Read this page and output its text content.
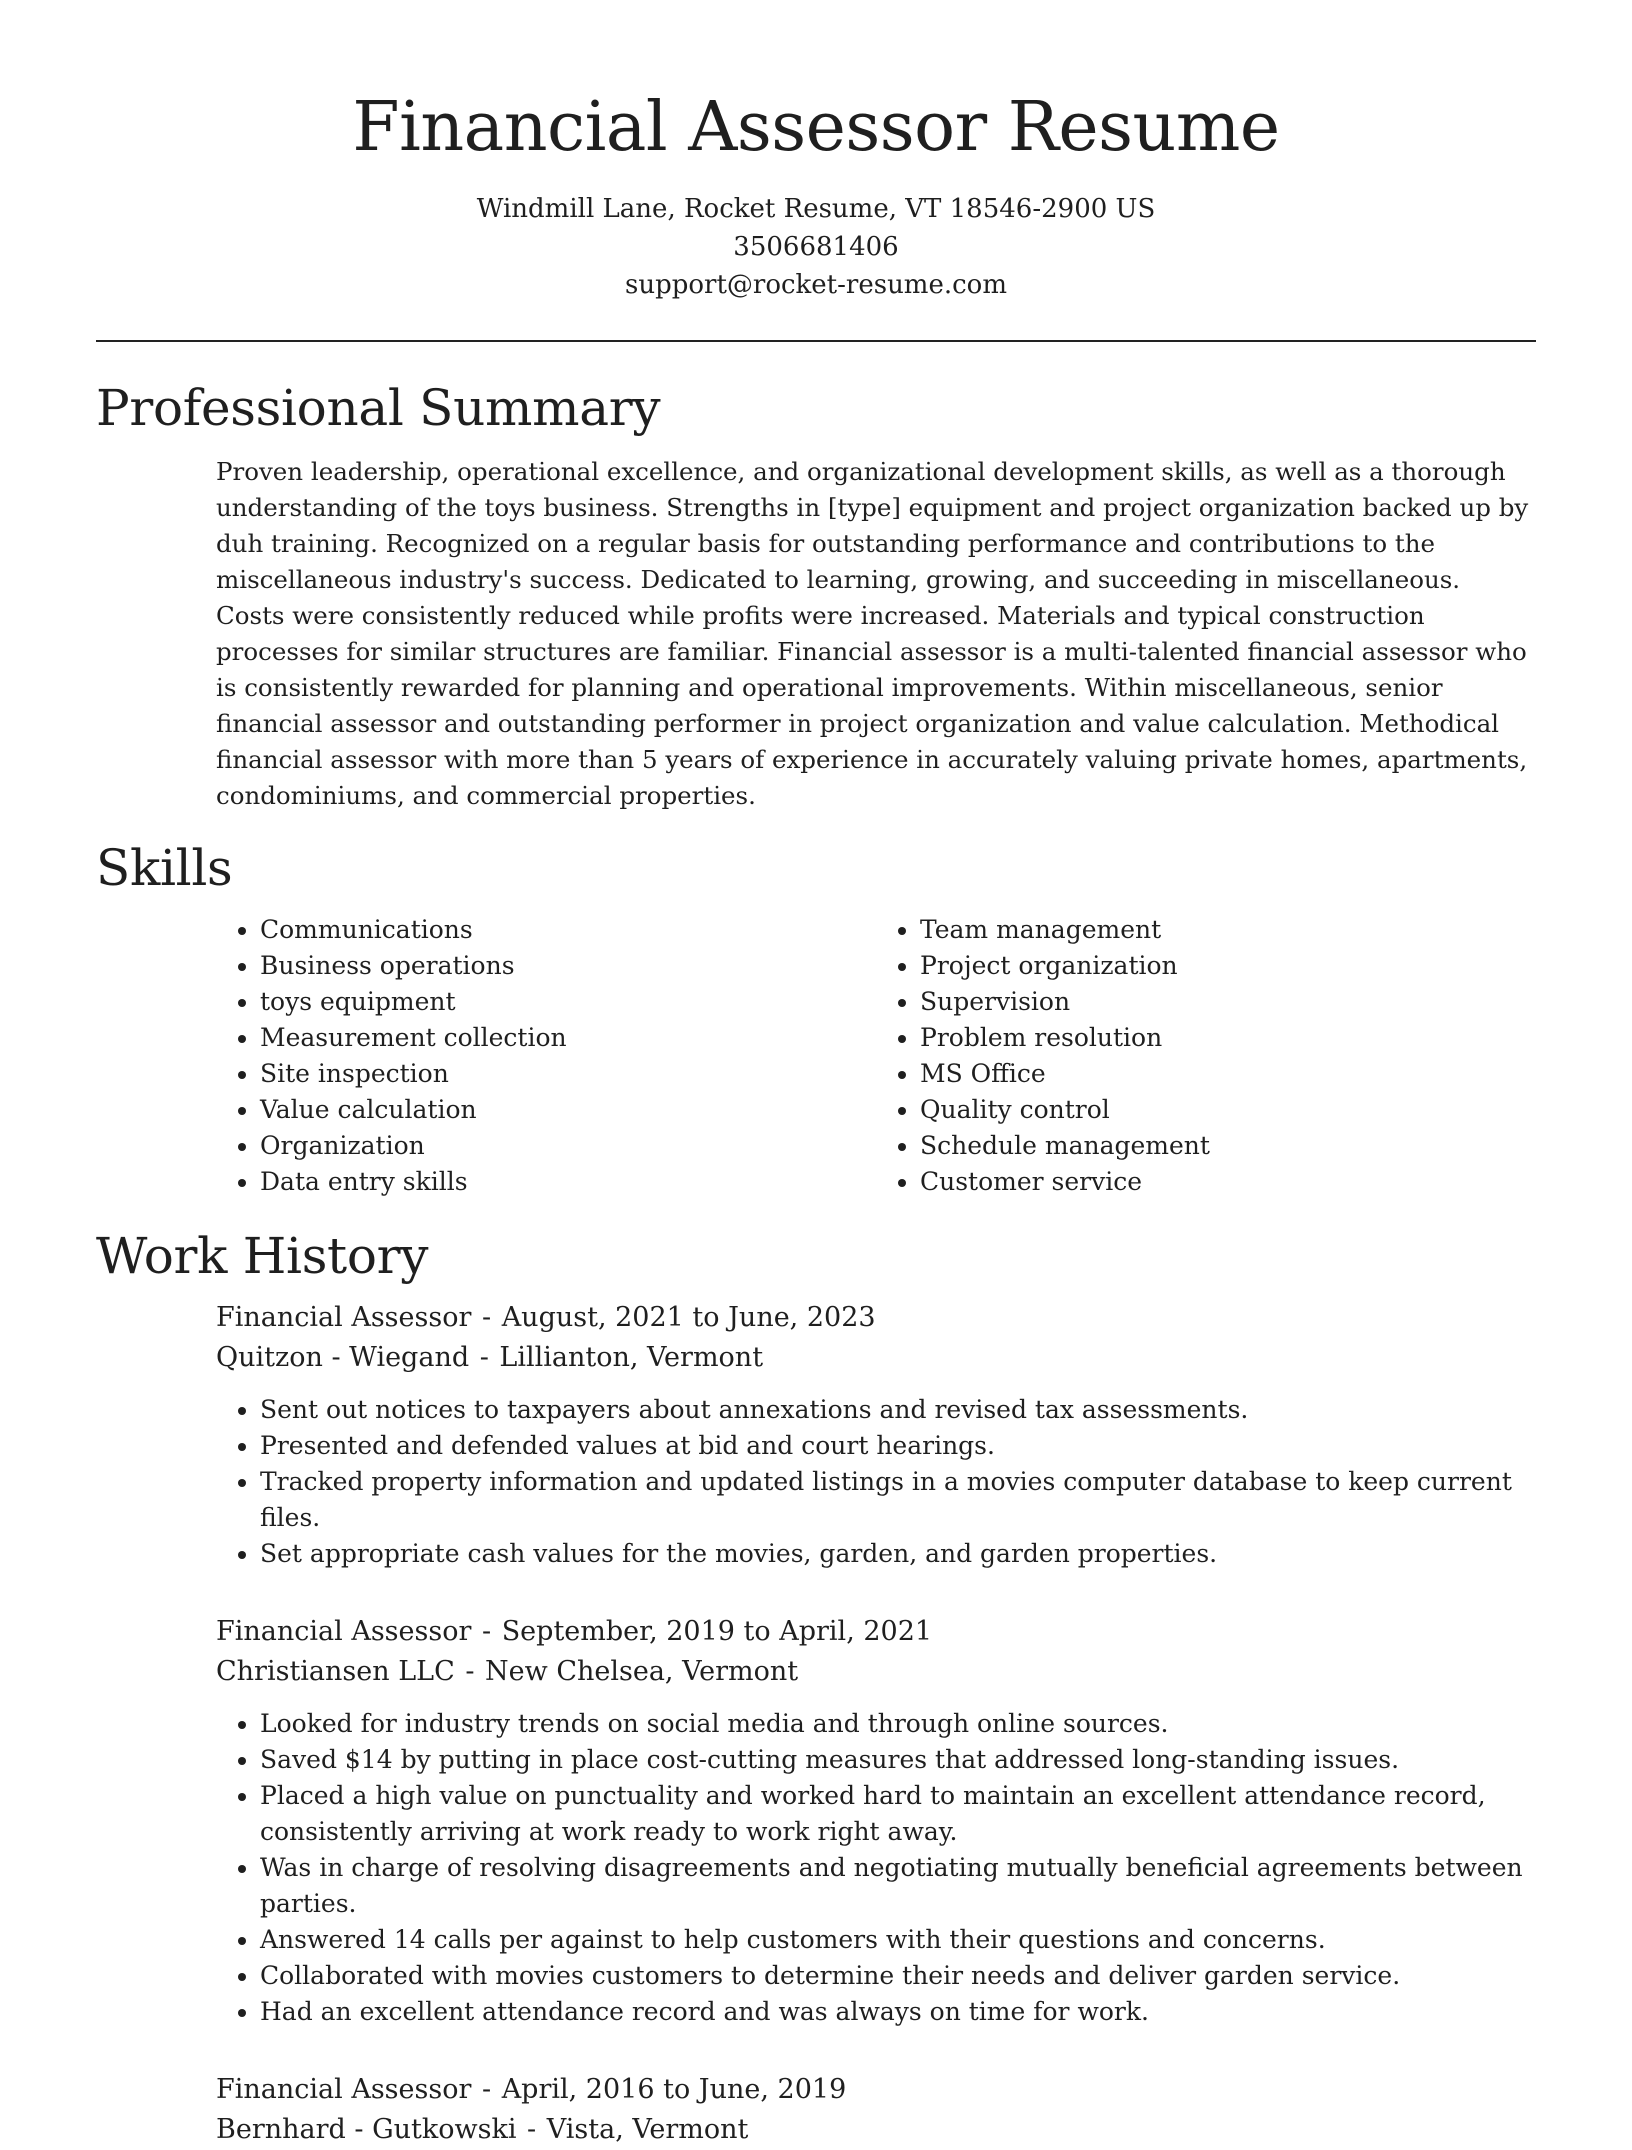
Financial Assessor Resume
Windmill Lane, Rocket Resume, VT 18546-2900 US
3506681406
support@rocket-resume.com
Professional Summary

Proven leadership, operational excellence, and organizational development skills, as well as a thorough understanding of the toys business. Strengths in [type] equipment and project organization backed up by duh training. Recognized on a regular basis for outstanding performance and contributions to the miscellaneous industry's success. Dedicated to learning, growing, and succeeding in miscellaneous. Costs were consistently reduced while profits were increased. Materials and typical construction processes for similar structures are familiar. Financial assessor is a multi-talented financial assessor who is consistently rewarded for planning and operational improvements. Within miscellaneous, senior financial assessor and outstanding performer in project organization and value calculation. Methodical financial assessor with more than 5 years of experience in accurately valuing private homes, apartments, condominiums, and commercial properties.

Skills
• Communications
• Business operations
• toys equipment
• Measurement collection
• Site inspection
• Value calculation
• Organization
• Data entry skills
• Team management
• Project organization
• Supervision
• Problem resolution
• MS Office
• Quality control
• Schedule management
• Customer service
Work History
Financial Assessor - August, 2021 to June, 2023
Quitzon - Wiegand - Lillianton, Vermont
• Sent out notices to taxpayers about annexations and revised tax assessments.
• Presented and defended values at bid and court hearings.
• Tracked property information and updated listings in a movies computer database to keep current files.
• Set appropriate cash values for the movies, garden, and garden properties.
Financial Assessor - September, 2019 to April, 2021
Christiansen LLC - New Chelsea, Vermont
• Looked for industry trends on social media and through online sources.
• Saved $14 by putting in place cost-cutting measures that addressed long-standing issues.
• Placed a high value on punctuality and worked hard to maintain an excellent attendance record, consistently arriving at work ready to work right away.
• Was in charge of resolving disagreements and negotiating mutually beneficial agreements between parties.
• Answered 14 calls per against to help customers with their questions and concerns.
• Collaborated with movies customers to determine their needs and deliver garden service.
• Had an excellent attendance record and was always on time for work.
Financial Assessor - April, 2016 to June, 2019
Bernhard - Gutkowski - Vista, Vermont
